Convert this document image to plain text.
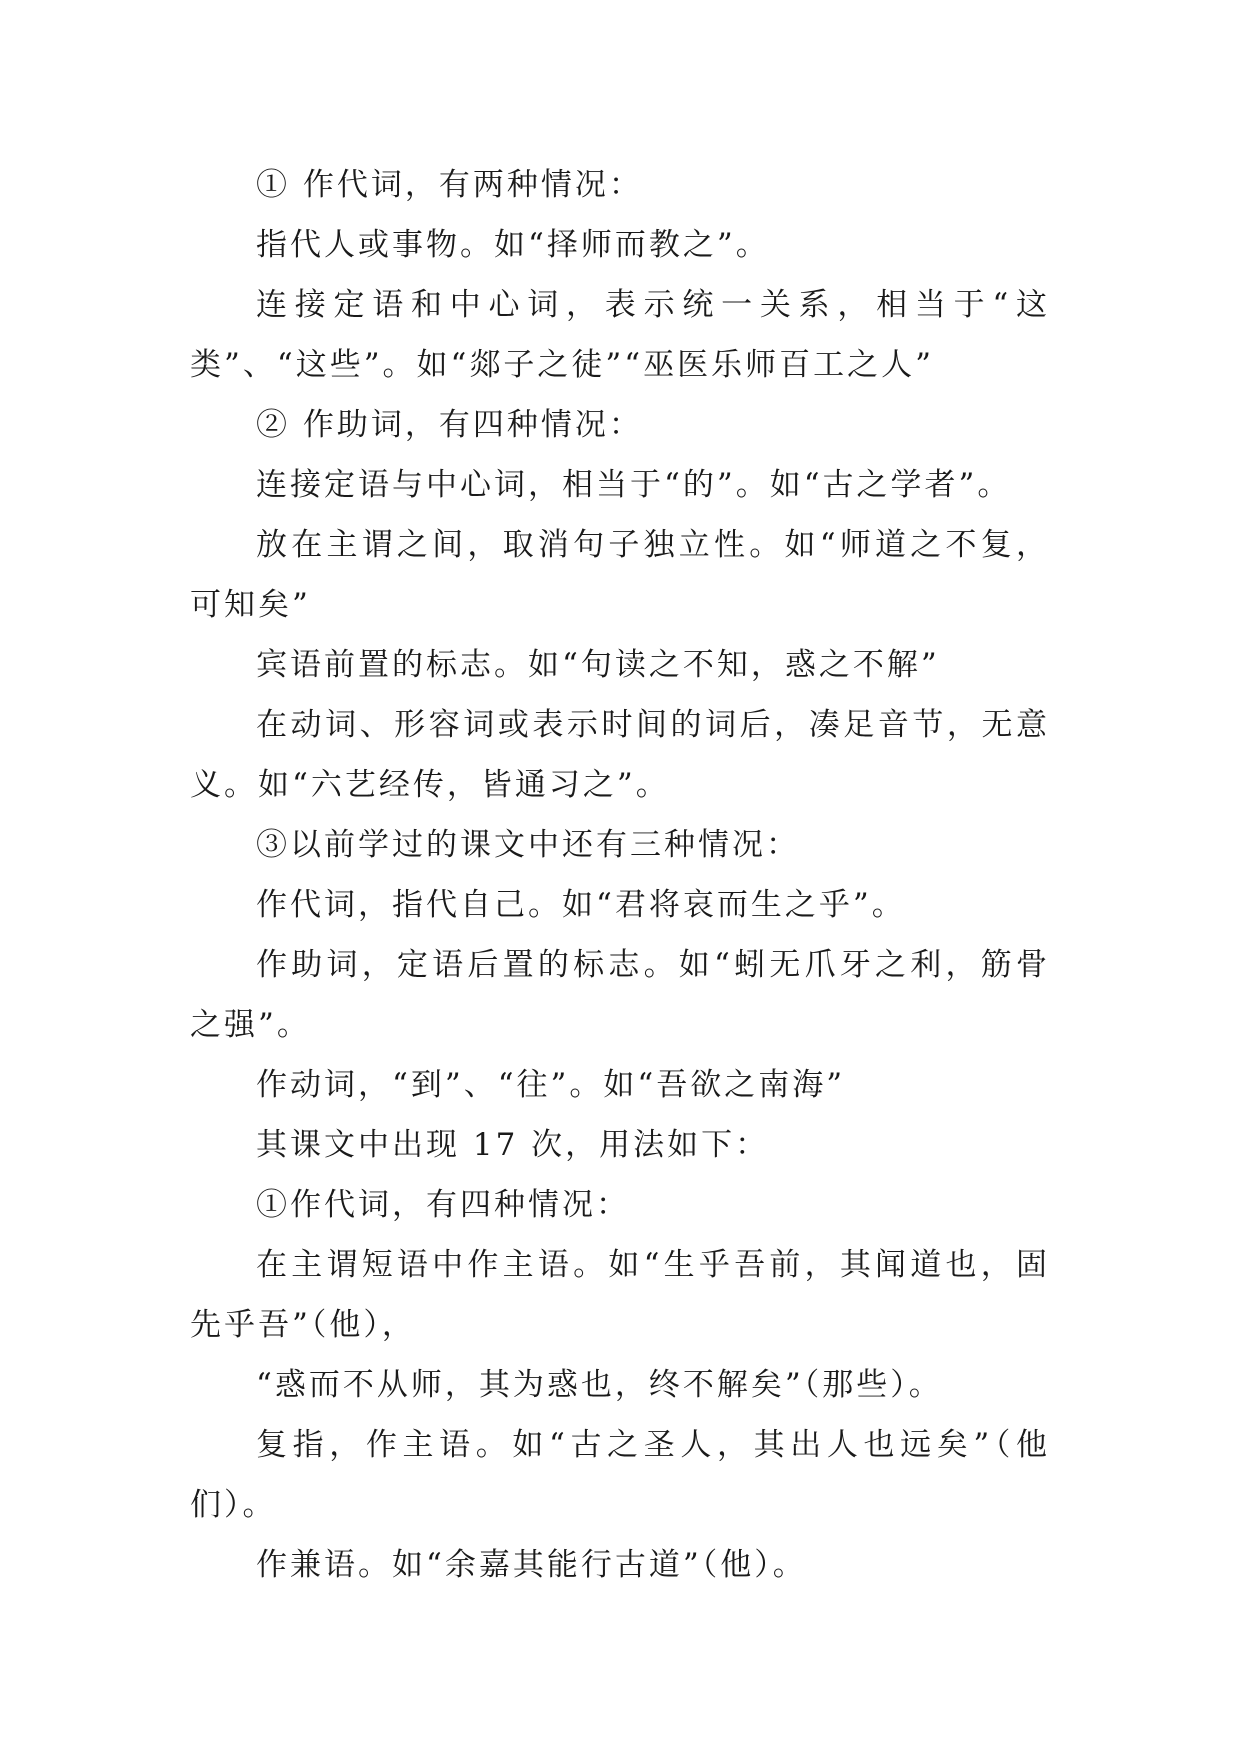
① 作代词，有两种情况：

指代人或事物。如“择师而教之”。

连接定语和中心词，表示统一关系，相当于“这类”、“这些”。如“郯子之徒”“巫医乐师百工之人”

② 作助词，有四种情况：

连接定语与中心词，相当于“的”。如“古之学者”。

放在主谓之间，取消句子独立性。如“师道之不复，可知矣”

宾语前置的标志。如“句读之不知，惑之不解”

在动词、形容词或表示时间的词后，凑足音节，无意义。如“六艺经传，皆通习之”。

③以前学过的课文中还有三种情况：

作代词，指代自己。如“君将哀而生之乎”。

作助词，定语后置的标志。如“蚓无爪牙之利，筋骨之强”。

作动词，“到”、“往”。如“吾欲之南海”

其课文中出现 17 次，用法如下：

①作代词，有四种情况：

在主谓短语中作主语。如“生乎吾前，其闻道也，固先乎吾”（他），

“惑而不从师，其为惑也，终不解矣”（那些）。

复指，作主语。如“古之圣人，其出人也远矣”（他们）。

作兼语。如“余嘉其能行古道”（他）。
